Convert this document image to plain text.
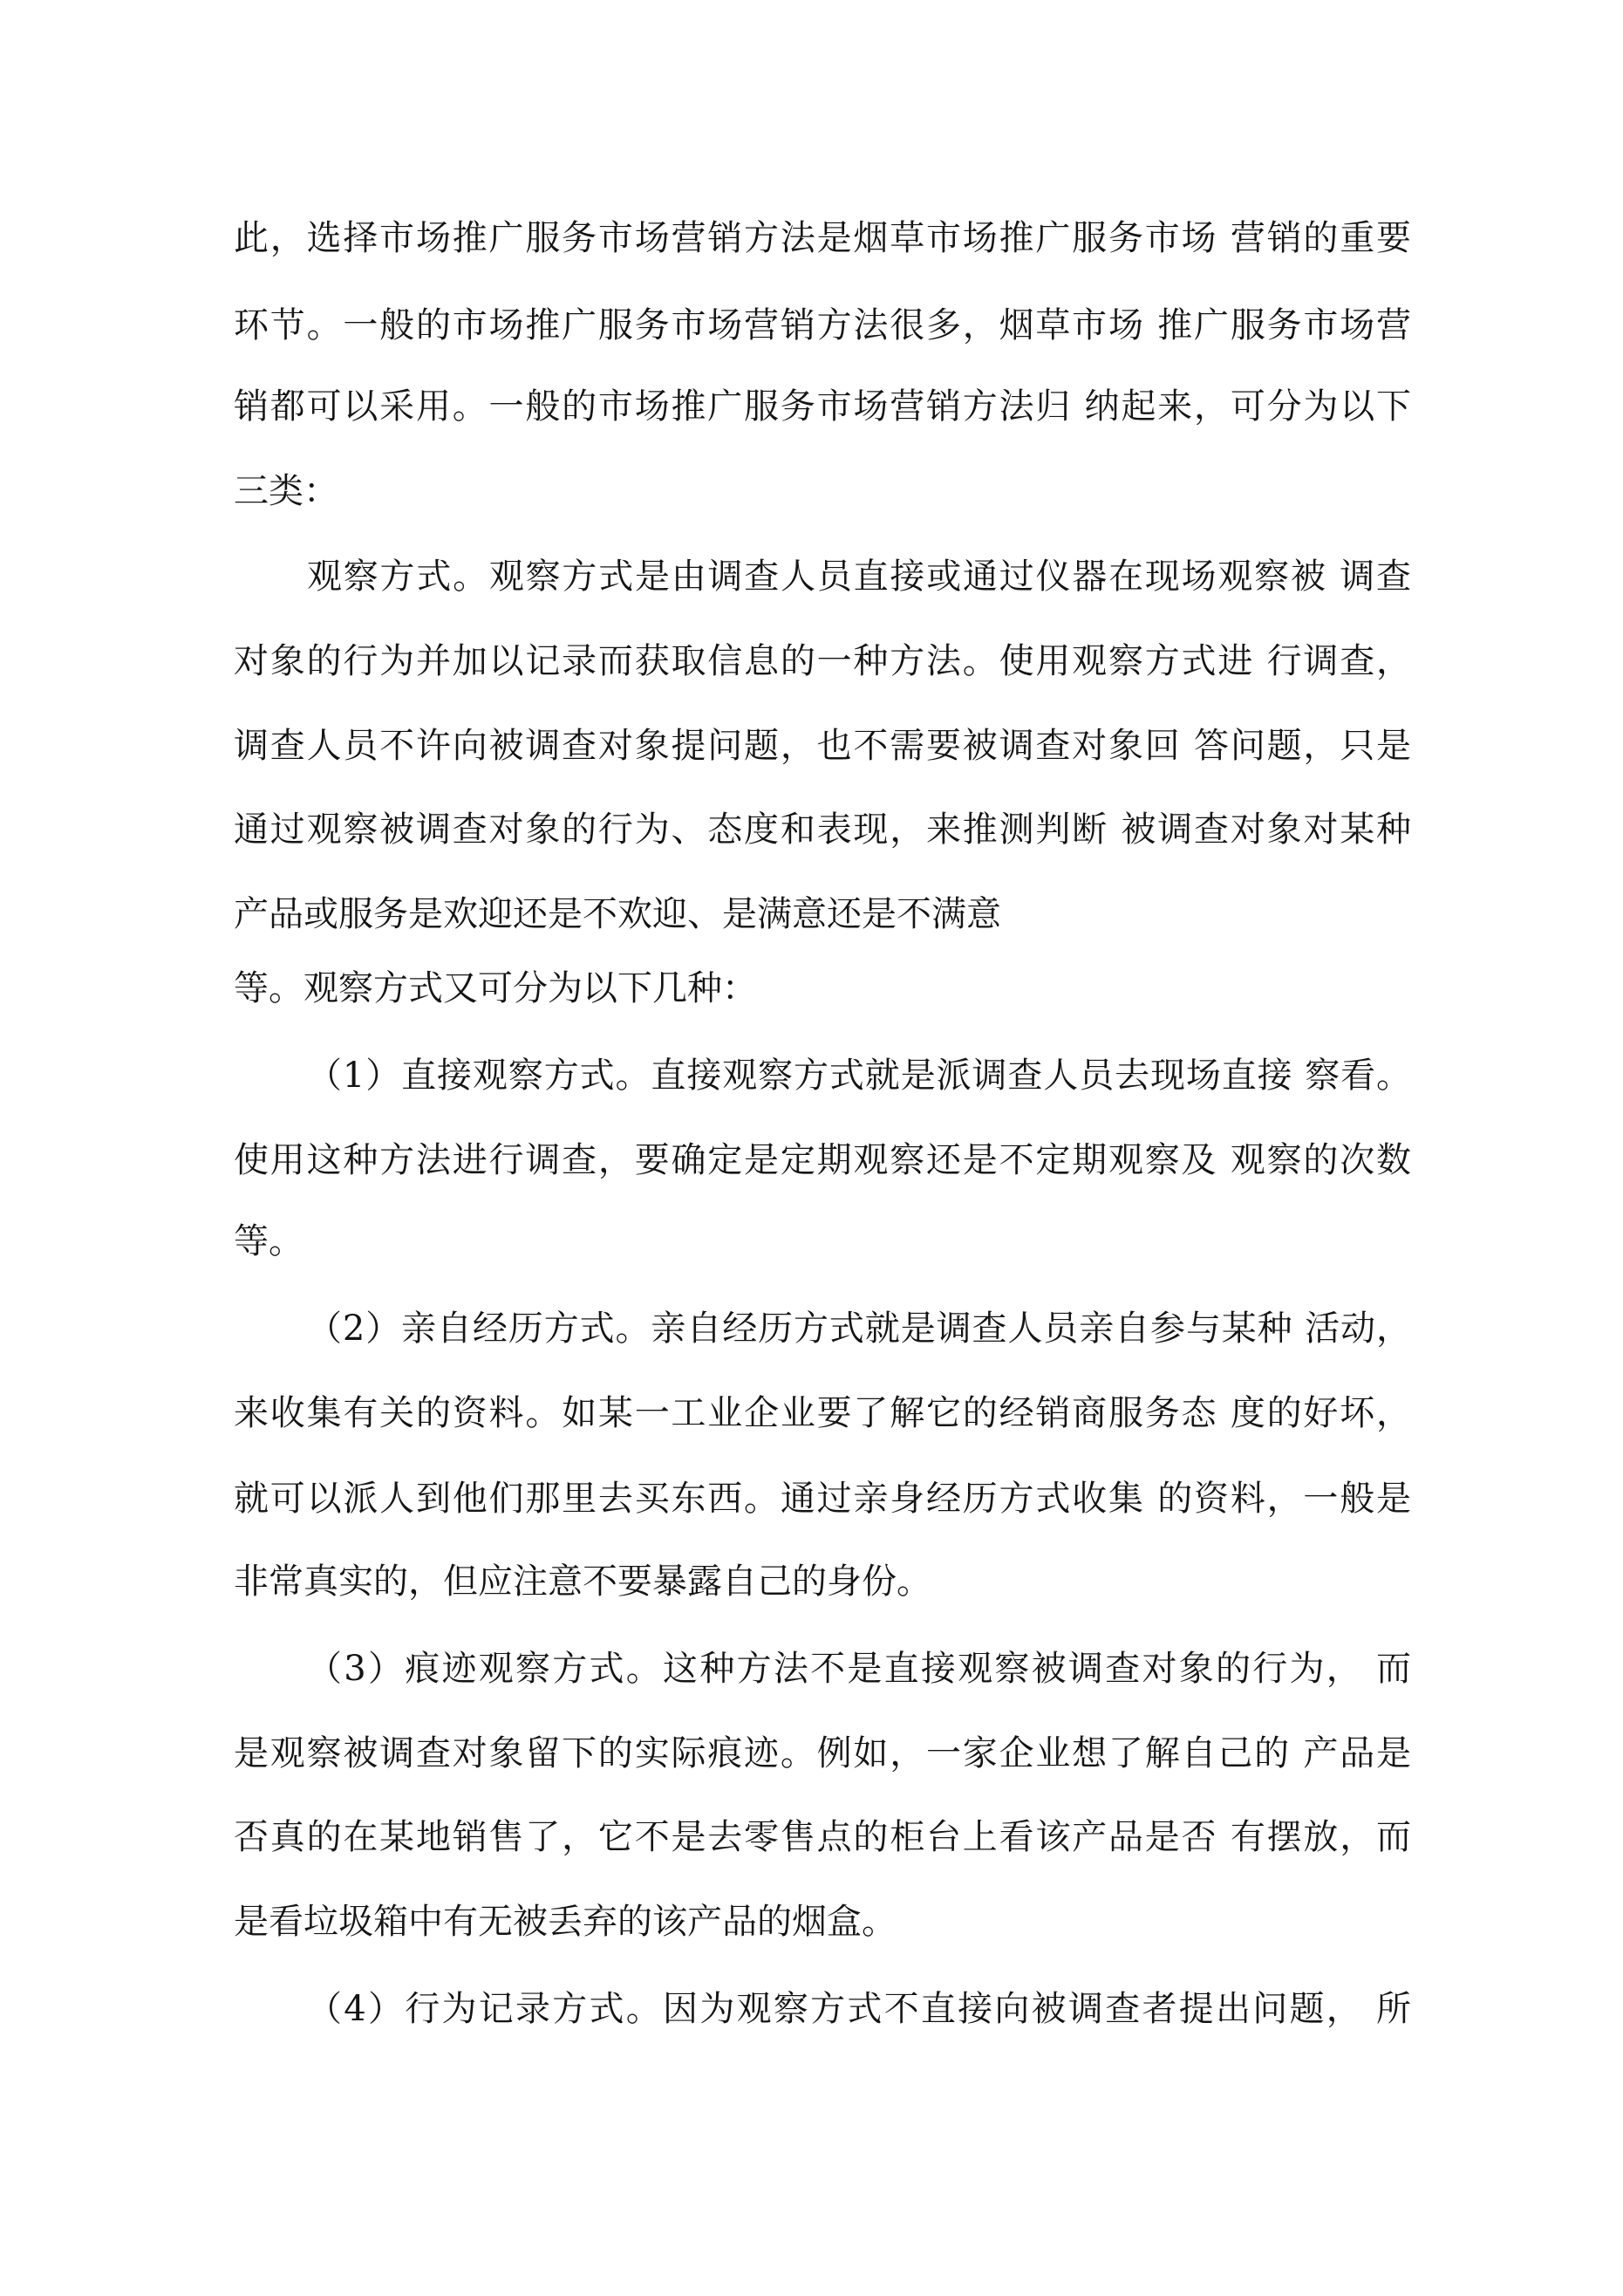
此，选择市场推广服务市场营销方法是烟草市场推广服务市场 营销的重要
环节。一般的市场推广服务市场营销方法很多，烟草市场 推广服务市场营
销都可以采用。一般的市场推广服务市场营销方法归 纳起来，可分为以下
三类：
观察方式。观察方式是由调查人员直接或通过仪器在现场观察被 调查
对象的行为并加以记录而获取信息的一种方法。使用观察方式进 行调查，
调查人员不许向被调查对象提问题，也不需要被调查对象回 答问题，只是
通过观察被调查对象的行为、态度和表现，来推测判断 被调查对象对某种
产品或服务是欢迎还是不欢迎、是满意还是不满意
等。观察方式又可分为以下几种：
（1）直接观察方式。直接观察方式就是派调查人员去现场直接 察看。
使用这种方法进行调查，要确定是定期观察还是不定期观察及 观察的次数
等。
（2）亲自经历方式。亲自经历方式就是调查人员亲自参与某种 活动，
来收集有关的资料。如某一工业企业要了解它的经销商服务态 度的好坏，
就可以派人到他们那里去买东西。通过亲身经历方式收集 的资料，一般是
非常真实的，但应注意不要暴露自己的身份。
（3）痕迹观察方式。这种方法不是直接观察被调查对象的行为， 而
是观察被调查对象留下的实际痕迹。例如，一家企业想了解自己的 产品是
否真的在某地销售了，它不是去零售点的柜台上看该产品是否 有摆放，而
是看垃圾箱中有无被丢弃的该产品的烟盒。
（4）行为记录方式。因为观察方式不直接向被调查者提出问题， 所
